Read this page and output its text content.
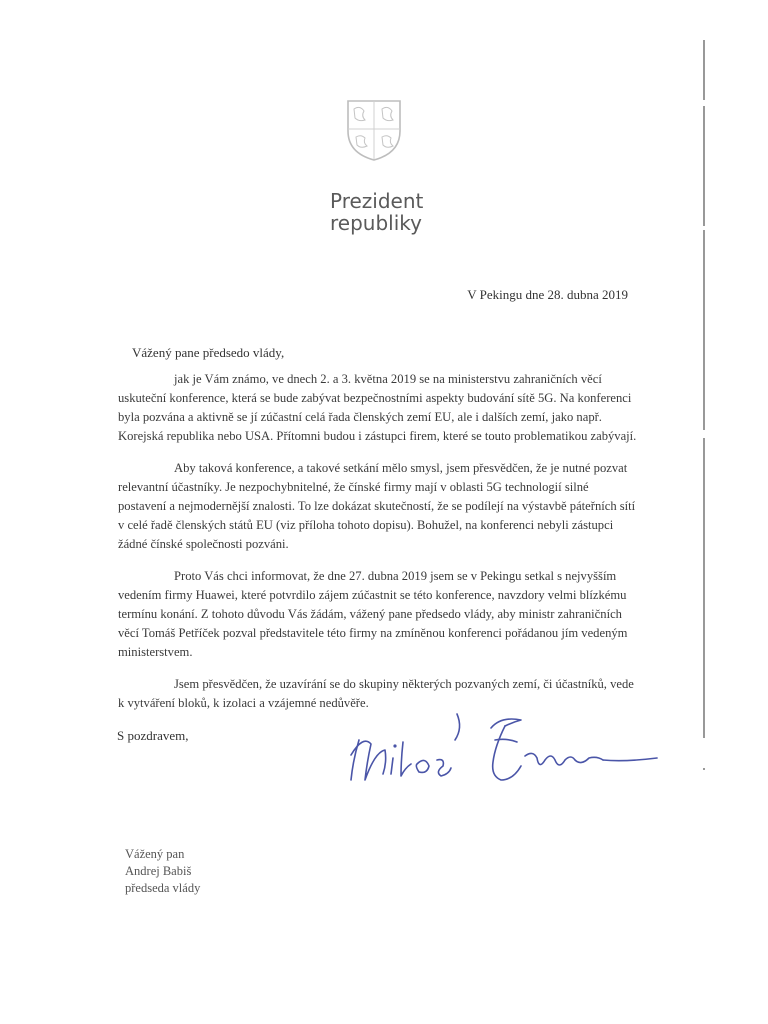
Prezident
republiky
V Pekingu dne 28. dubna 2019
Vážený pane předsedo vlády,

jak je Vám známo, ve dnech 2. a 3. května 2019 se na ministerstvu zahraničních věcí uskuteční konference, která se bude zabývat bezpečnostními aspekty budování sítě 5G. Na konferenci byla pozvána a aktivně se jí zúčastní celá řada členských zemí EU, ale i dalších zemí, jako např. Korejská republika nebo USA. Přítomni budou i zástupci firem, které se touto problematikou zabývají.

Aby taková konference, a takové setkání mělo smysl, jsem přesvědčen, že je nutné pozvat relevantní účastníky. Je nezpochybnitelné, že čínské firmy mají v oblasti 5G technologií silné postavení a nejmodernější znalosti. To lze dokázat skutečností, že se podílejí na výstavbě páteřních sítí v celé řadě členských států EU (viz příloha tohoto dopisu). Bohužel, na konferenci nebyli zástupci žádné čínské společnosti pozváni.

Proto Vás chci informovat, že dne 27. dubna 2019 jsem se v Pekingu setkal s nejvyšším vedením firmy Huawei, které potvrdilo zájem zúčastnit se této konference, navzdory velmi blízkému termínu konání. Z tohoto důvodu Vás žádám, vážený pane předsedo vlády, aby ministr zahraničních věcí Tomáš Petříček pozval představitele této firmy na zmíněnou konferenci pořádanou jím vedeným ministerstvem.

Jsem přesvědčen, že uzavírání se do skupiny některých pozvaných zemí, či účastníků, vede k vytváření bloků, k izolaci a vzájemné nedůvěře.

S pozdravem,
Vážený pan
Andrej Babiš
předseda vlády
